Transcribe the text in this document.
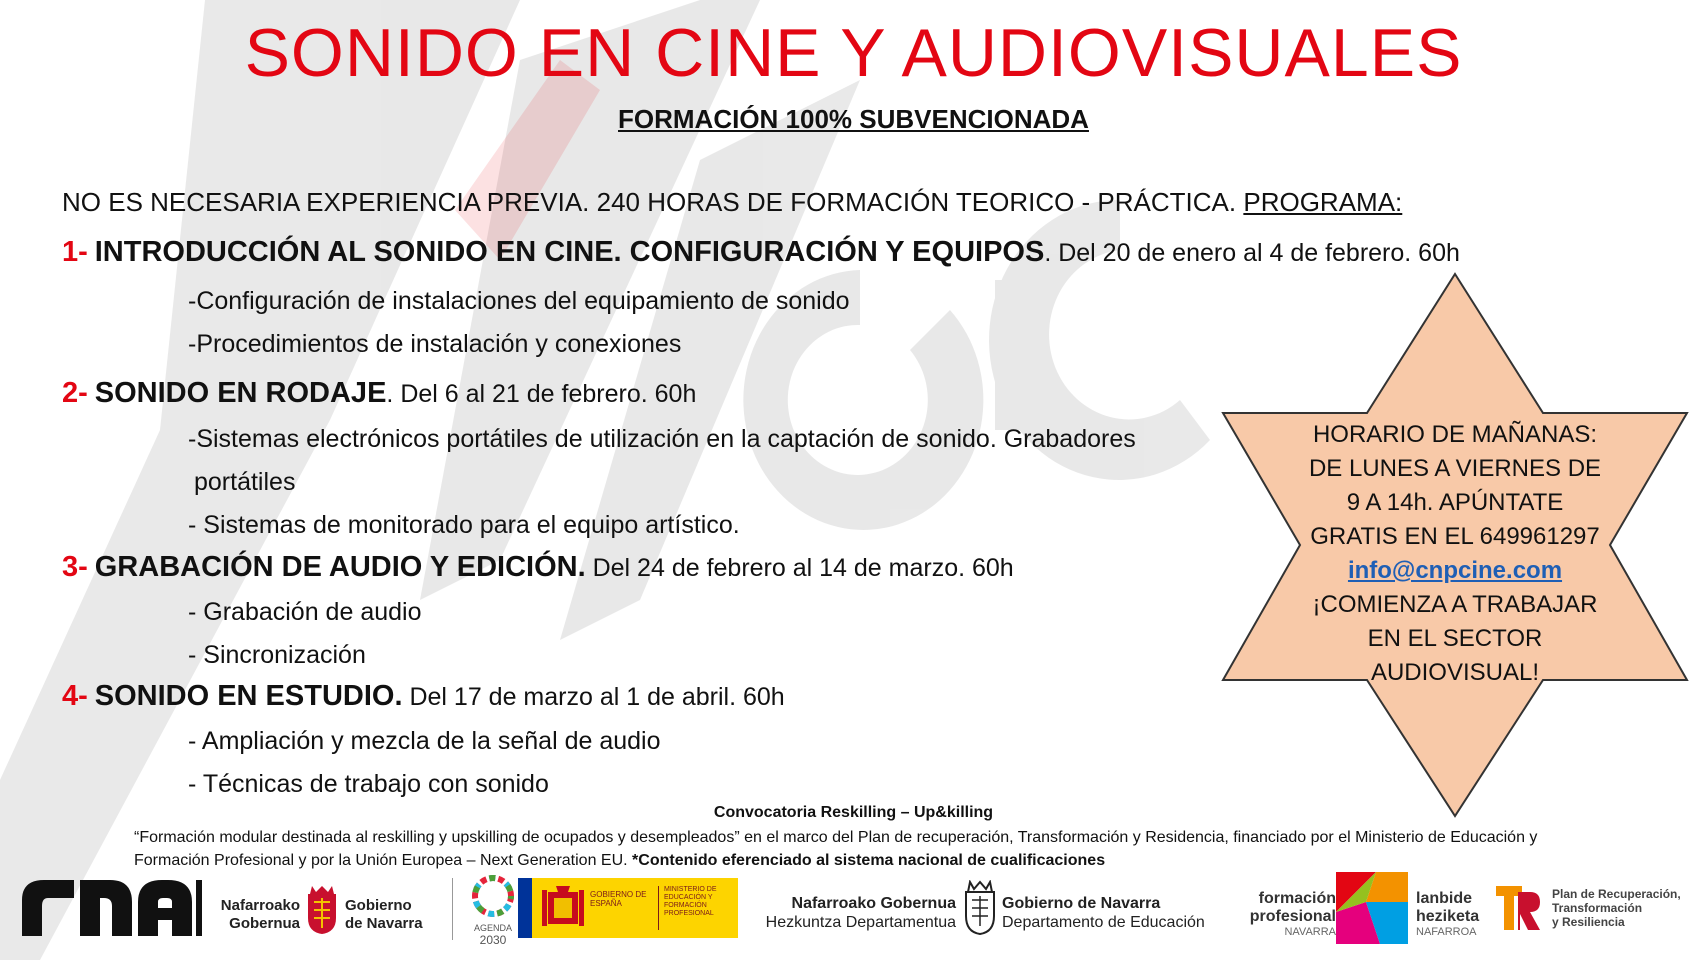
SONIDO EN CINE Y AUDIOVISUALES
FORMACIÓN 100% SUBVENCIONADA
NO ES NECESARIA EXPERIENCIA PREVIA. 240 HORAS DE FORMACIÓN TEORICO - PRÁCTICA. PROGRAMA:
1- INTRODUCCIÓN AL SONIDO EN CINE. CONFIGURACIÓN Y EQUIPOS. Del 20 de enero al 4 de febrero. 60h
-Configuración de instalaciones del equipamiento de sonido
-Procedimientos de instalación y conexiones
2- SONIDO EN RODAJE. Del 6 al 21 de febrero. 60h
-Sistemas electrónicos portátiles de utilización en la captación de sonido. Grabadores
portátiles
- Sistemas de monitorado para el equipo artístico.
3- GRABACIÓN DE AUDIO Y EDICIÓN. Del 24 de febrero al 14 de marzo. 60h
- Grabación de audio
- Sincronización
4- SONIDO EN ESTUDIO. Del 17 de marzo al 1 de abril. 60h
- Ampliación y mezcla de la señal de audio
- Técnicas de trabajo con sonido
HORARIO DE MAÑANAS:
DE LUNES A VIERNES DE
9 A 14h. APÚNTATE
GRATIS EN EL 649961297
info@cnpcine.com
¡COMIENZA A TRABAJAR
EN EL SECTOR
AUDIOVISUAL!
Convocatoria Reskilling – Up&killing
“Formación modular destinada al reskilling y upskilling de ocupados y desempleados” en el marco del Plan de recuperación, Transformación y Residencia, financiado por el Ministerio de Educación y Formación Profesional y por la Unión Europea – Next Generation EU. *Contenido eferenciado al sistema nacional de cualificaciones
Nafarroako
Gobernua
Gobierno
de Navarra	AGENDA
2030
GOBIERNO DE ESPAÑA
MINISTERIO DE EDUCACIÓN Y FORMACIÓN PROFESIONAL
Nafarroako Gobernua
Hezkuntza Departamentua
Gobierno de Navarra
Departamento de Educación
formación
profesional
NAVARRA
lanbide
heziketa
NAFARROA
Plan de Recuperación,
Transformación
y Resiliencia
